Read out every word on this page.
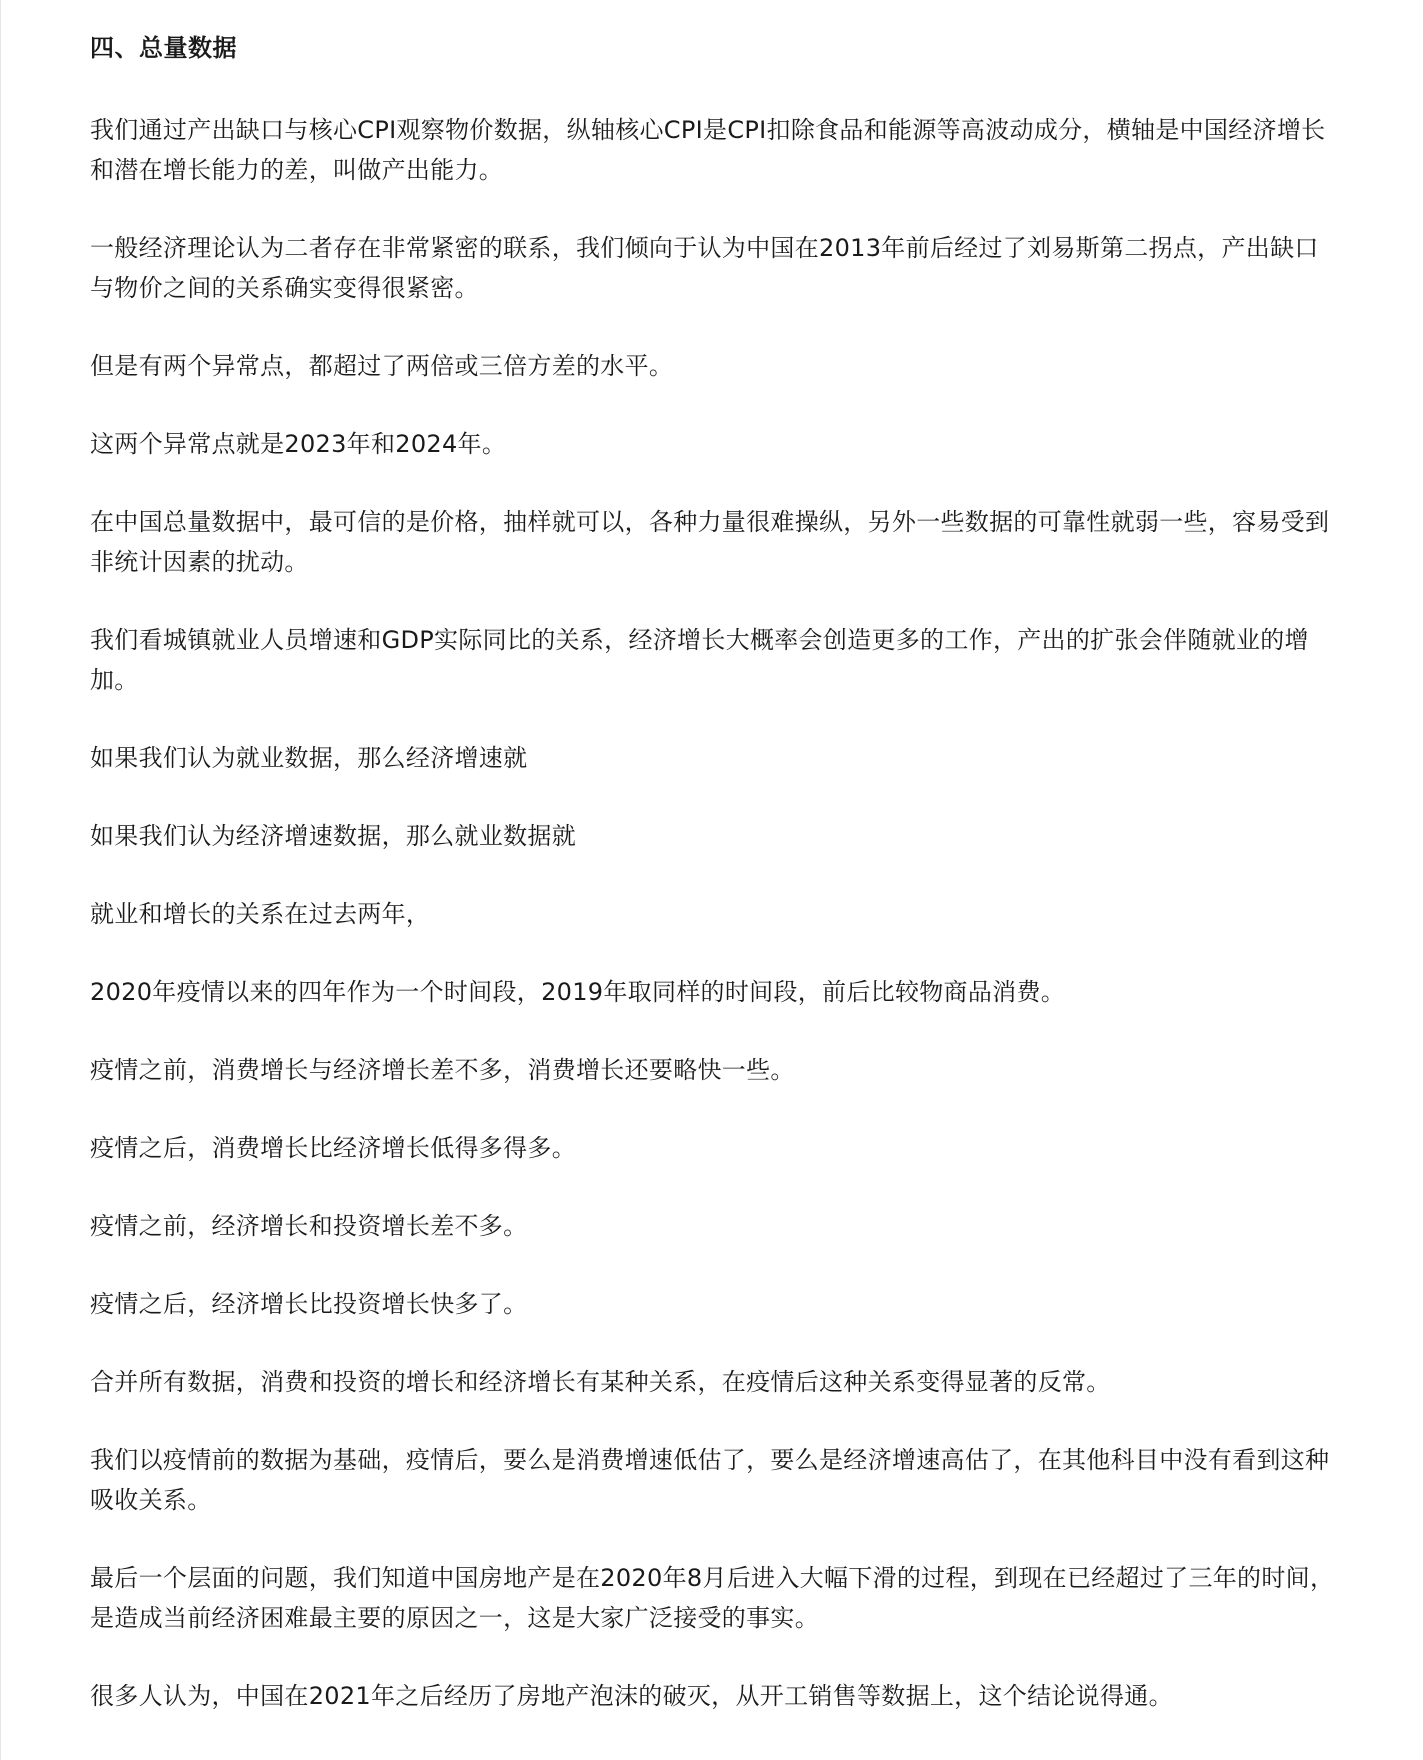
四、总量数据

我们通过产出缺口与核心CPI观察物价数据，纵轴核心CPI是CPI扣除食品和能源等高波动成分，横轴是中国经济增长和潜在增长能力的差，叫做产出能力。

一般经济理论认为二者存在非常紧密的联系，我们倾向于认为中国在2013年前后经过了刘易斯第二拐点，产出缺口与物价之间的关系确实变得很紧密。

但是有两个异常点，都超过了两倍或三倍方差的水平。

这两个异常点就是2023年和2024年。

在中国总量数据中，最可信的是价格，抽样就可以，各种力量很难操纵，另外一些数据的可靠性就弱一些，容易受到非统计因素的扰动。

我们看城镇就业人员增速和GDP实际同比的关系，经济增长大概率会创造更多的工作，产出的扩张会伴随就业的增加。

如果我们认为就业数据，那么经济增速就

如果我们认为经济增速数据，那么就业数据就

就业和增长的关系在过去两年，

2020年疫情以来的四年作为一个时间段，2019年取同样的时间段，前后比较物商品消费。

疫情之前，消费增长与经济增长差不多，消费增长还要略快一些。

疫情之后，消费增长比经济增长低得多得多。

疫情之前，经济增长和投资增长差不多。

疫情之后，经济增长比投资增长快多了。

合并所有数据，消费和投资的增长和经济增长有某种关系，在疫情后这种关系变得显著的反常。

我们以疫情前的数据为基础，疫情后，要么是消费增速低估了，要么是经济增速高估了，在其他科目中没有看到这种吸收关系。

最后一个层面的问题，我们知道中国房地产是在2020年8月后进入大幅下滑的过程，到现在已经超过了三年的时间，是造成当前经济困难最主要的原因之一，这是大家广泛接受的事实。

很多人认为，中国在2021年之后经历了房地产泡沫的破灭，从开工销售等数据上，这个结论说得通。
